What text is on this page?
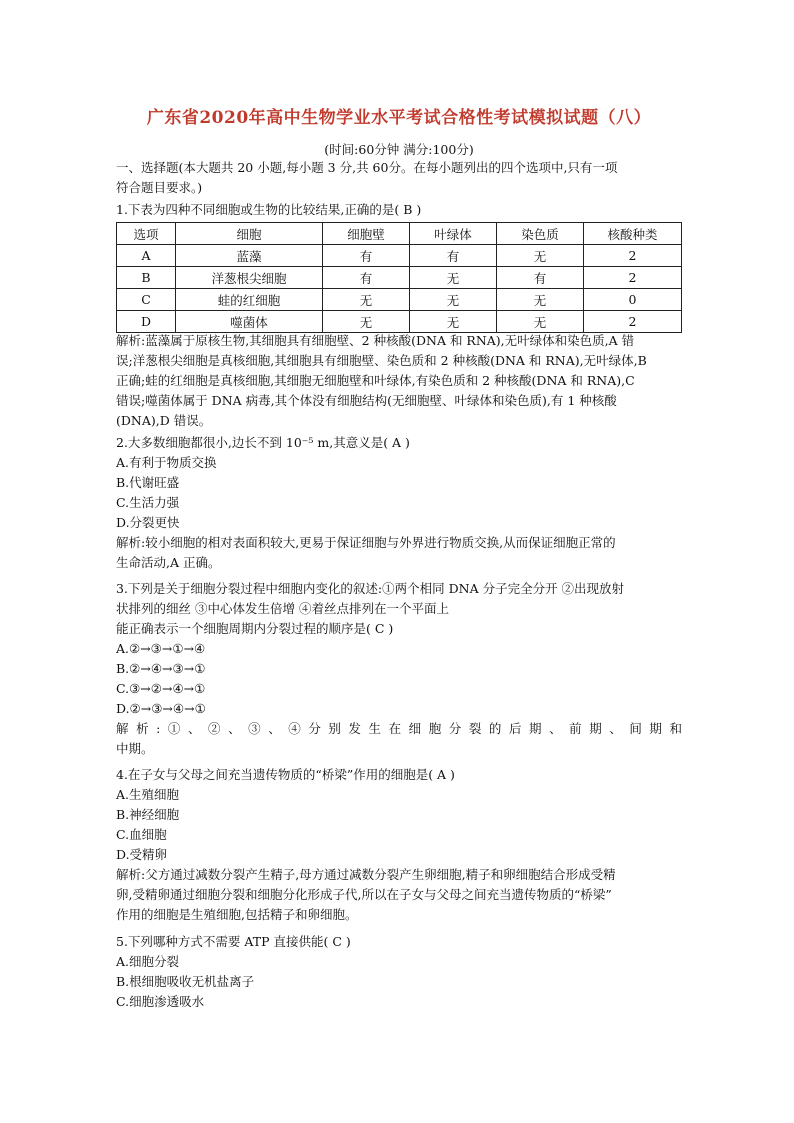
广东省2020年高中生物学业水平考试合格性考试模拟试题（八）
(时间:60分钟 满分:100分)
一、选择题(本大题共 20 小题,每小题 3 分,共 60分。在每小题列出的四个选项中,只有一项
符合题目要求。)
1.下表为四种不同细胞或生物的比较结果,正确的是( B )
选项	细胞	细胞壁	叶绿体	染色质	核酸种类
A	蓝藻	有	有	无	2
B	洋葱根尖细胞	有	无	有	2
C	蛙的红细胞	无	无	无	0
D	噬菌体	无	无	无	2
解析:蓝藻属于原核生物,其细胞具有细胞壁、2 种核酸(DNA 和 RNA),无叶绿体和染色质,A 错
误;洋葱根尖细胞是真核细胞,其细胞具有细胞壁、染色质和 2 种核酸(DNA 和 RNA),无叶绿体,B
正确;蛙的红细胞是真核细胞,其细胞无细胞壁和叶绿体,有染色质和 2 种核酸(DNA 和 RNA),C
错误;噬菌体属于 DNA 病毒,其个体没有细胞结构(无细胞壁、叶绿体和染色质),有 1 种核酸
(DNA),D 错误。
2.大多数细胞都很小,边长不到 10⁻⁵ m,其意义是( A )
A.有利于物质交换
B.代谢旺盛
C.生活力强
D.分裂更快
解析:较小细胞的相对表面积较大,更易于保证细胞与外界进行物质交换,从而保证细胞正常的
生命活动,A 正确。
3.下列是关于细胞分裂过程中细胞内变化的叙述:①两个相同 DNA 分子完全分开 ②出现放射
状排列的细丝 ③中心体发生倍增 ④着丝点排列在一个平面上
能正确表示一个细胞周期内分裂过程的顺序是( C )
A.②→③→①→④
B.②→④→③→①
C.③→②→④→①
D.②→③→④→①
解析:①、②、③、④分别发生在细胞分裂的后期、前期、间期和
中期。
4.在子女与父母之间充当遗传物质的“桥梁”作用的细胞是( A )
A.生殖细胞
B.神经细胞
C.血细胞
D.受精卵
解析:父方通过减数分裂产生精子,母方通过减数分裂产生卵细胞,精子和卵细胞结合形成受精
卵,受精卵通过细胞分裂和细胞分化形成子代,所以在子女与父母之间充当遗传物质的“桥梁”
作用的细胞是生殖细胞,包括精子和卵细胞。
5.下列哪种方式不需要 ATP 直接供能( C )
A.细胞分裂
B.根细胞吸收无机盐离子
C.细胞渗透吸水
